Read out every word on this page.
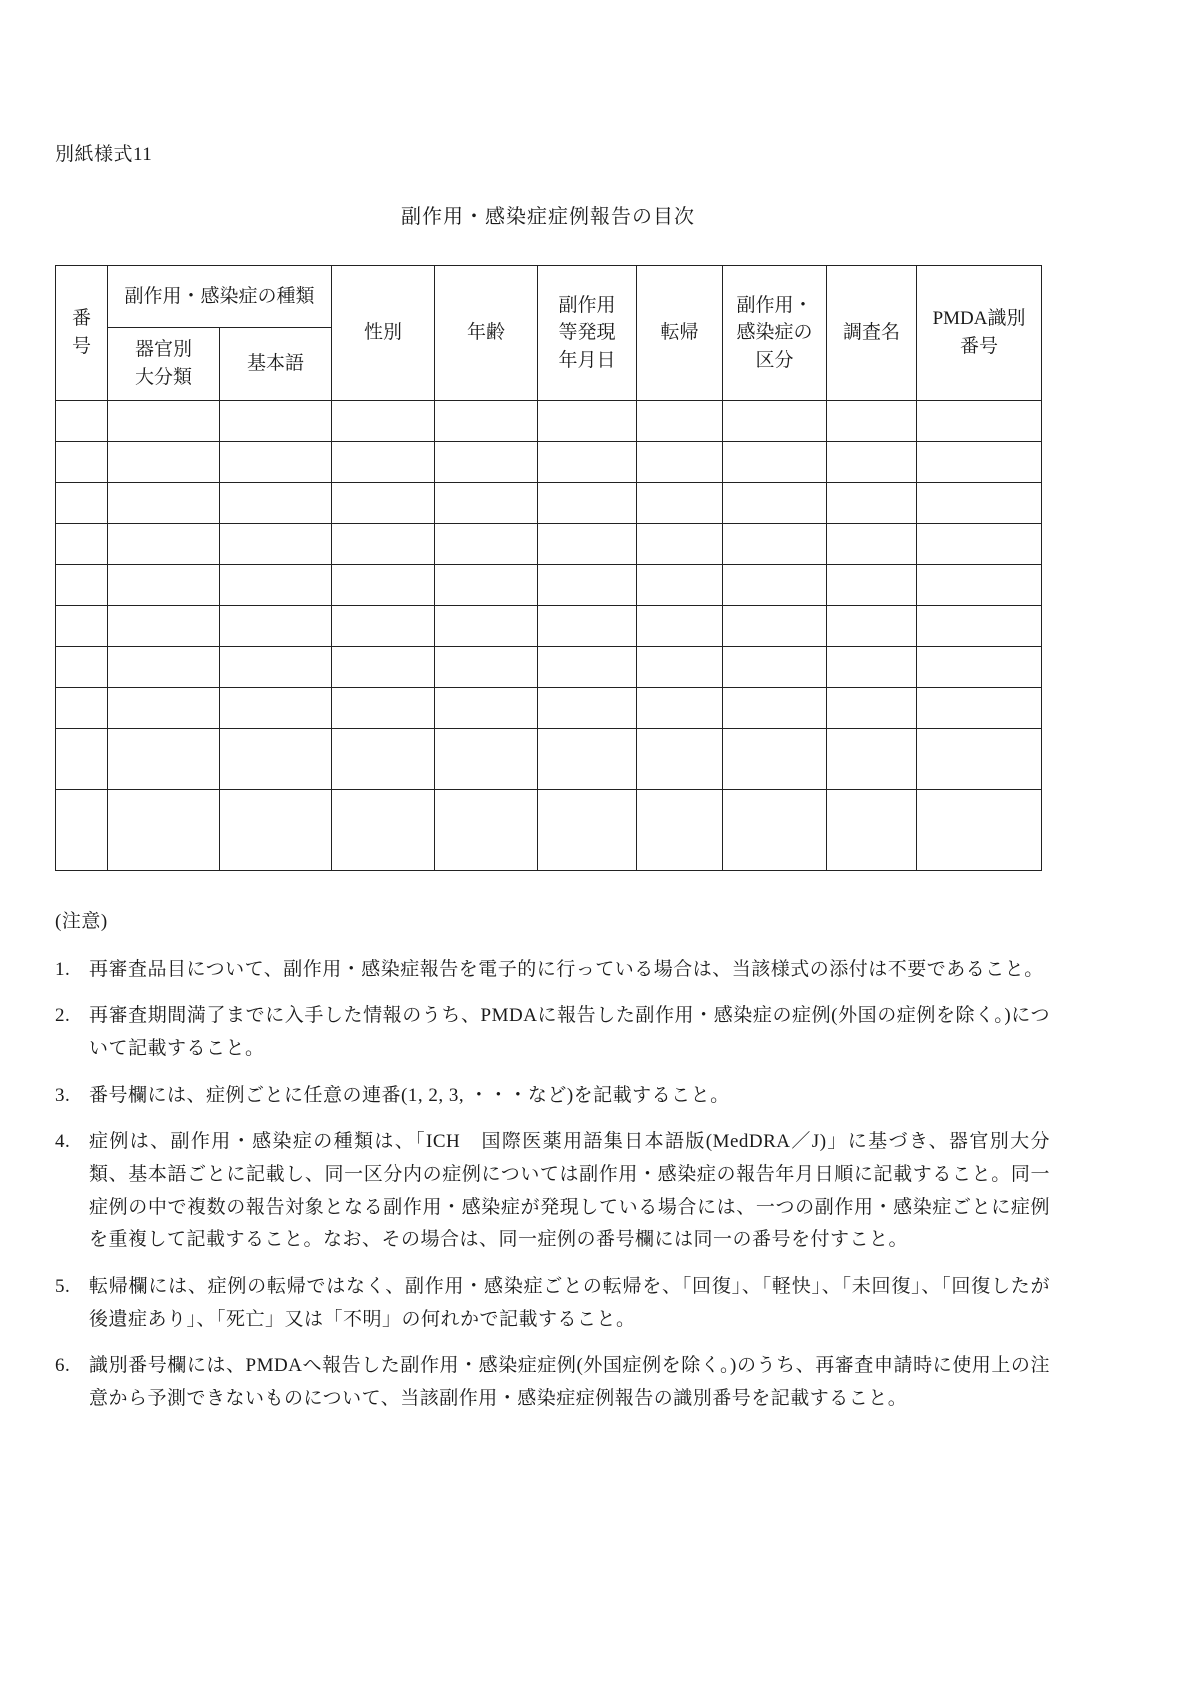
別紙様式11
副作用・感染症症例報告の目次
番
号	副作用・感染症の種類		性別	年齢	副作用
等発現
年月日	転帰	副作用・
感染症の
区分	調査名	PMDA識別
番号

	器官別
大分類	基本語							

(注意)
1. 再審査品目について、副作用・感染症報告を電子的に行っている場合は、当該様式の添付は不要であること。
2. 再審査期間満了までに入手した情報のうち、PMDAに報告した副作用・感染症の症例(外国の症例を除く。)について記載すること。
3. 番号欄には、症例ごとに任意の連番(1, 2, 3, ・・・など)を記載すること。
4. 症例は、副作用・感染症の種類は、「ICH　国際医薬用語集日本語版(MedDRA／J)」に基づき、器官別大分類、基本語ごとに記載し、同一区分内の症例については副作用・感染症の報告年月日順に記載すること。同一症例の中で複数の報告対象となる副作用・感染症が発現している場合には、一つの副作用・感染症ごとに症例を重複して記載すること。なお、その場合は、同一症例の番号欄には同一の番号を付すこと。
5. 転帰欄には、症例の転帰ではなく、副作用・感染症ごとの転帰を、「回復」、「軽快」、「未回復」、「回復したが後遺症あり」、「死亡」又は「不明」の何れかで記載すること。
6. 識別番号欄には、PMDAへ報告した副作用・感染症症例(外国症例を除く。)のうち、再審査申請時に使用上の注意から予測できないものについて、当該副作用・感染症症例報告の識別番号を記載すること。
